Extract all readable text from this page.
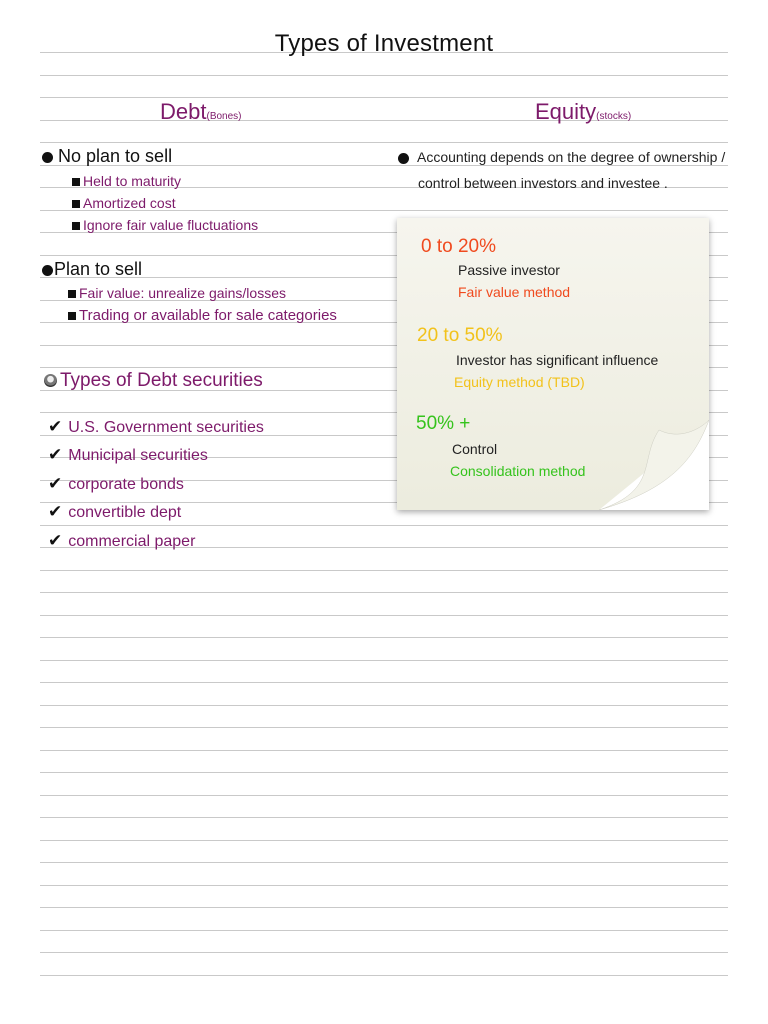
Types of Investment
Debt(Bones)	Equity(stocks)
No plan to sell
Held to maturity
Amortized cost
Ignore fair value fluctuations
Plan to sell
Fair value: unrealize gains/losses
Trading or available for sale categories
Types of Debt securities
✔ U.S. Government securities
✔ Municipal securities
✔ corporate bonds
✔ convertible dept
✔ commercial paper
Accounting depends on the degree of ownership /
control between investors and investee .
0 to 20%
Passive investor
Fair value method
20 to 50%
Investor has significant influence
Equity method (TBD)
50% +
Control
Consolidation method
